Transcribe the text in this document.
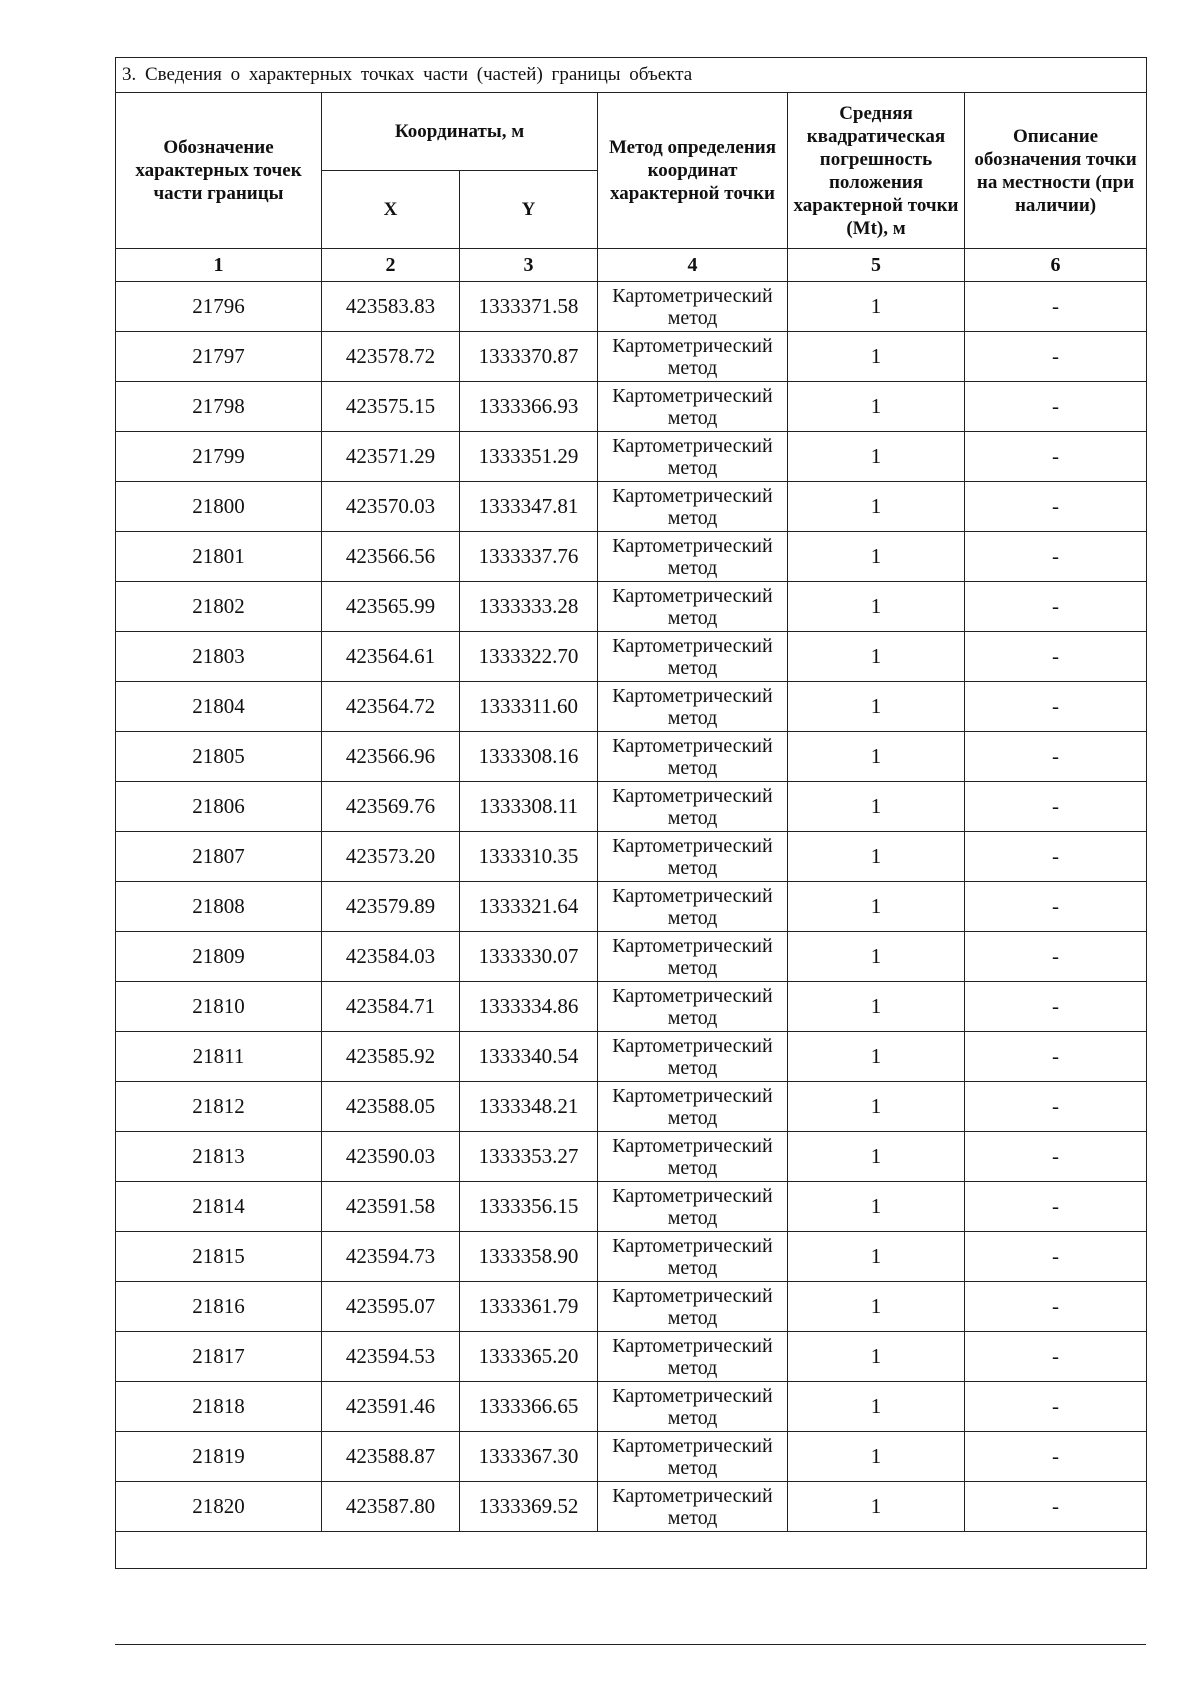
3. Сведения о характерных точках части (частей) границы объекта					
Обозначение характерных точек части границы	Координаты, м		Метод определения координат характерной точки	Средняя квадратическая погрешность положения характерной точки (Mt), м	Описание обозначения точки на местности (при наличии)
	X	Y			
1	2	3	4	5	6
21796	423583.83	1333371.58	Картометрический метод	1	-
21797	423578.72	1333370.87	Картометрический метод	1	-
21798	423575.15	1333366.93	Картометрический метод	1	-
21799	423571.29	1333351.29	Картометрический метод	1	-
21800	423570.03	1333347.81	Картометрический метод	1	-
21801	423566.56	1333337.76	Картометрический метод	1	-
21802	423565.99	1333333.28	Картометрический метод	1	-
21803	423564.61	1333322.70	Картометрический метод	1	-
21804	423564.72	1333311.60	Картометрический метод	1	-
21805	423566.96	1333308.16	Картометрический метод	1	-
21806	423569.76	1333308.11	Картометрический метод	1	-
21807	423573.20	1333310.35	Картометрический метод	1	-
21808	423579.89	1333321.64	Картометрический метод	1	-
21809	423584.03	1333330.07	Картометрический метод	1	-
21810	423584.71	1333334.86	Картометрический метод	1	-
21811	423585.92	1333340.54	Картометрический метод	1	-
21812	423588.05	1333348.21	Картометрический метод	1	-
21813	423590.03	1333353.27	Картометрический метод	1	-
21814	423591.58	1333356.15	Картометрический метод	1	-
21815	423594.73	1333358.90	Картометрический метод	1	-
21816	423595.07	1333361.79	Картометрический метод	1	-
21817	423594.53	1333365.20	Картометрический метод	1	-
21818	423591.46	1333366.65	Картометрический метод	1	-
21819	423588.87	1333367.30	Картометрический метод	1	-
21820	423587.80	1333369.52	Картометрический метод	1	-
